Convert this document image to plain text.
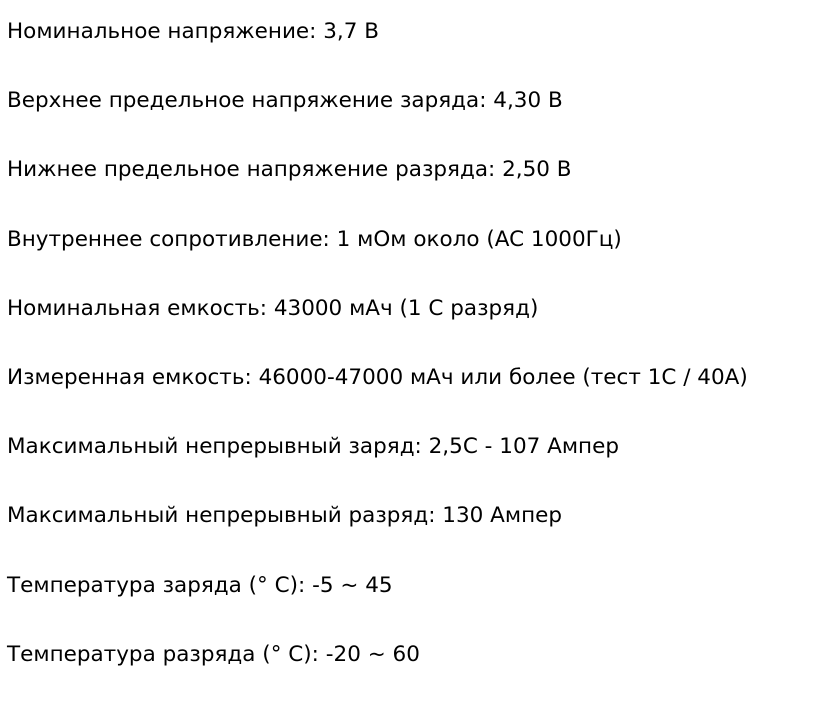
Номинальное напряжение: 3,7 В

Верхнее предельное напряжение заряда: 4,30 В

Нижнее предельное напряжение разряда: 2,50 В

Внутреннее сопротивление: 1 мОм около (AC 1000Гц)

Номинальная емкость: 43000 мАч (1 C разряд)

Измеренная емкость: 46000-47000 мАч или более (тест 1C / 40A)

Максимальный непрерывный заряд: 2,5C - 107 Ампер

Максимальный непрерывный разряд: 130 Ампер

Температура заряда (° C): -5 ~ 45

Температура разряда (° C): -20 ~ 60
